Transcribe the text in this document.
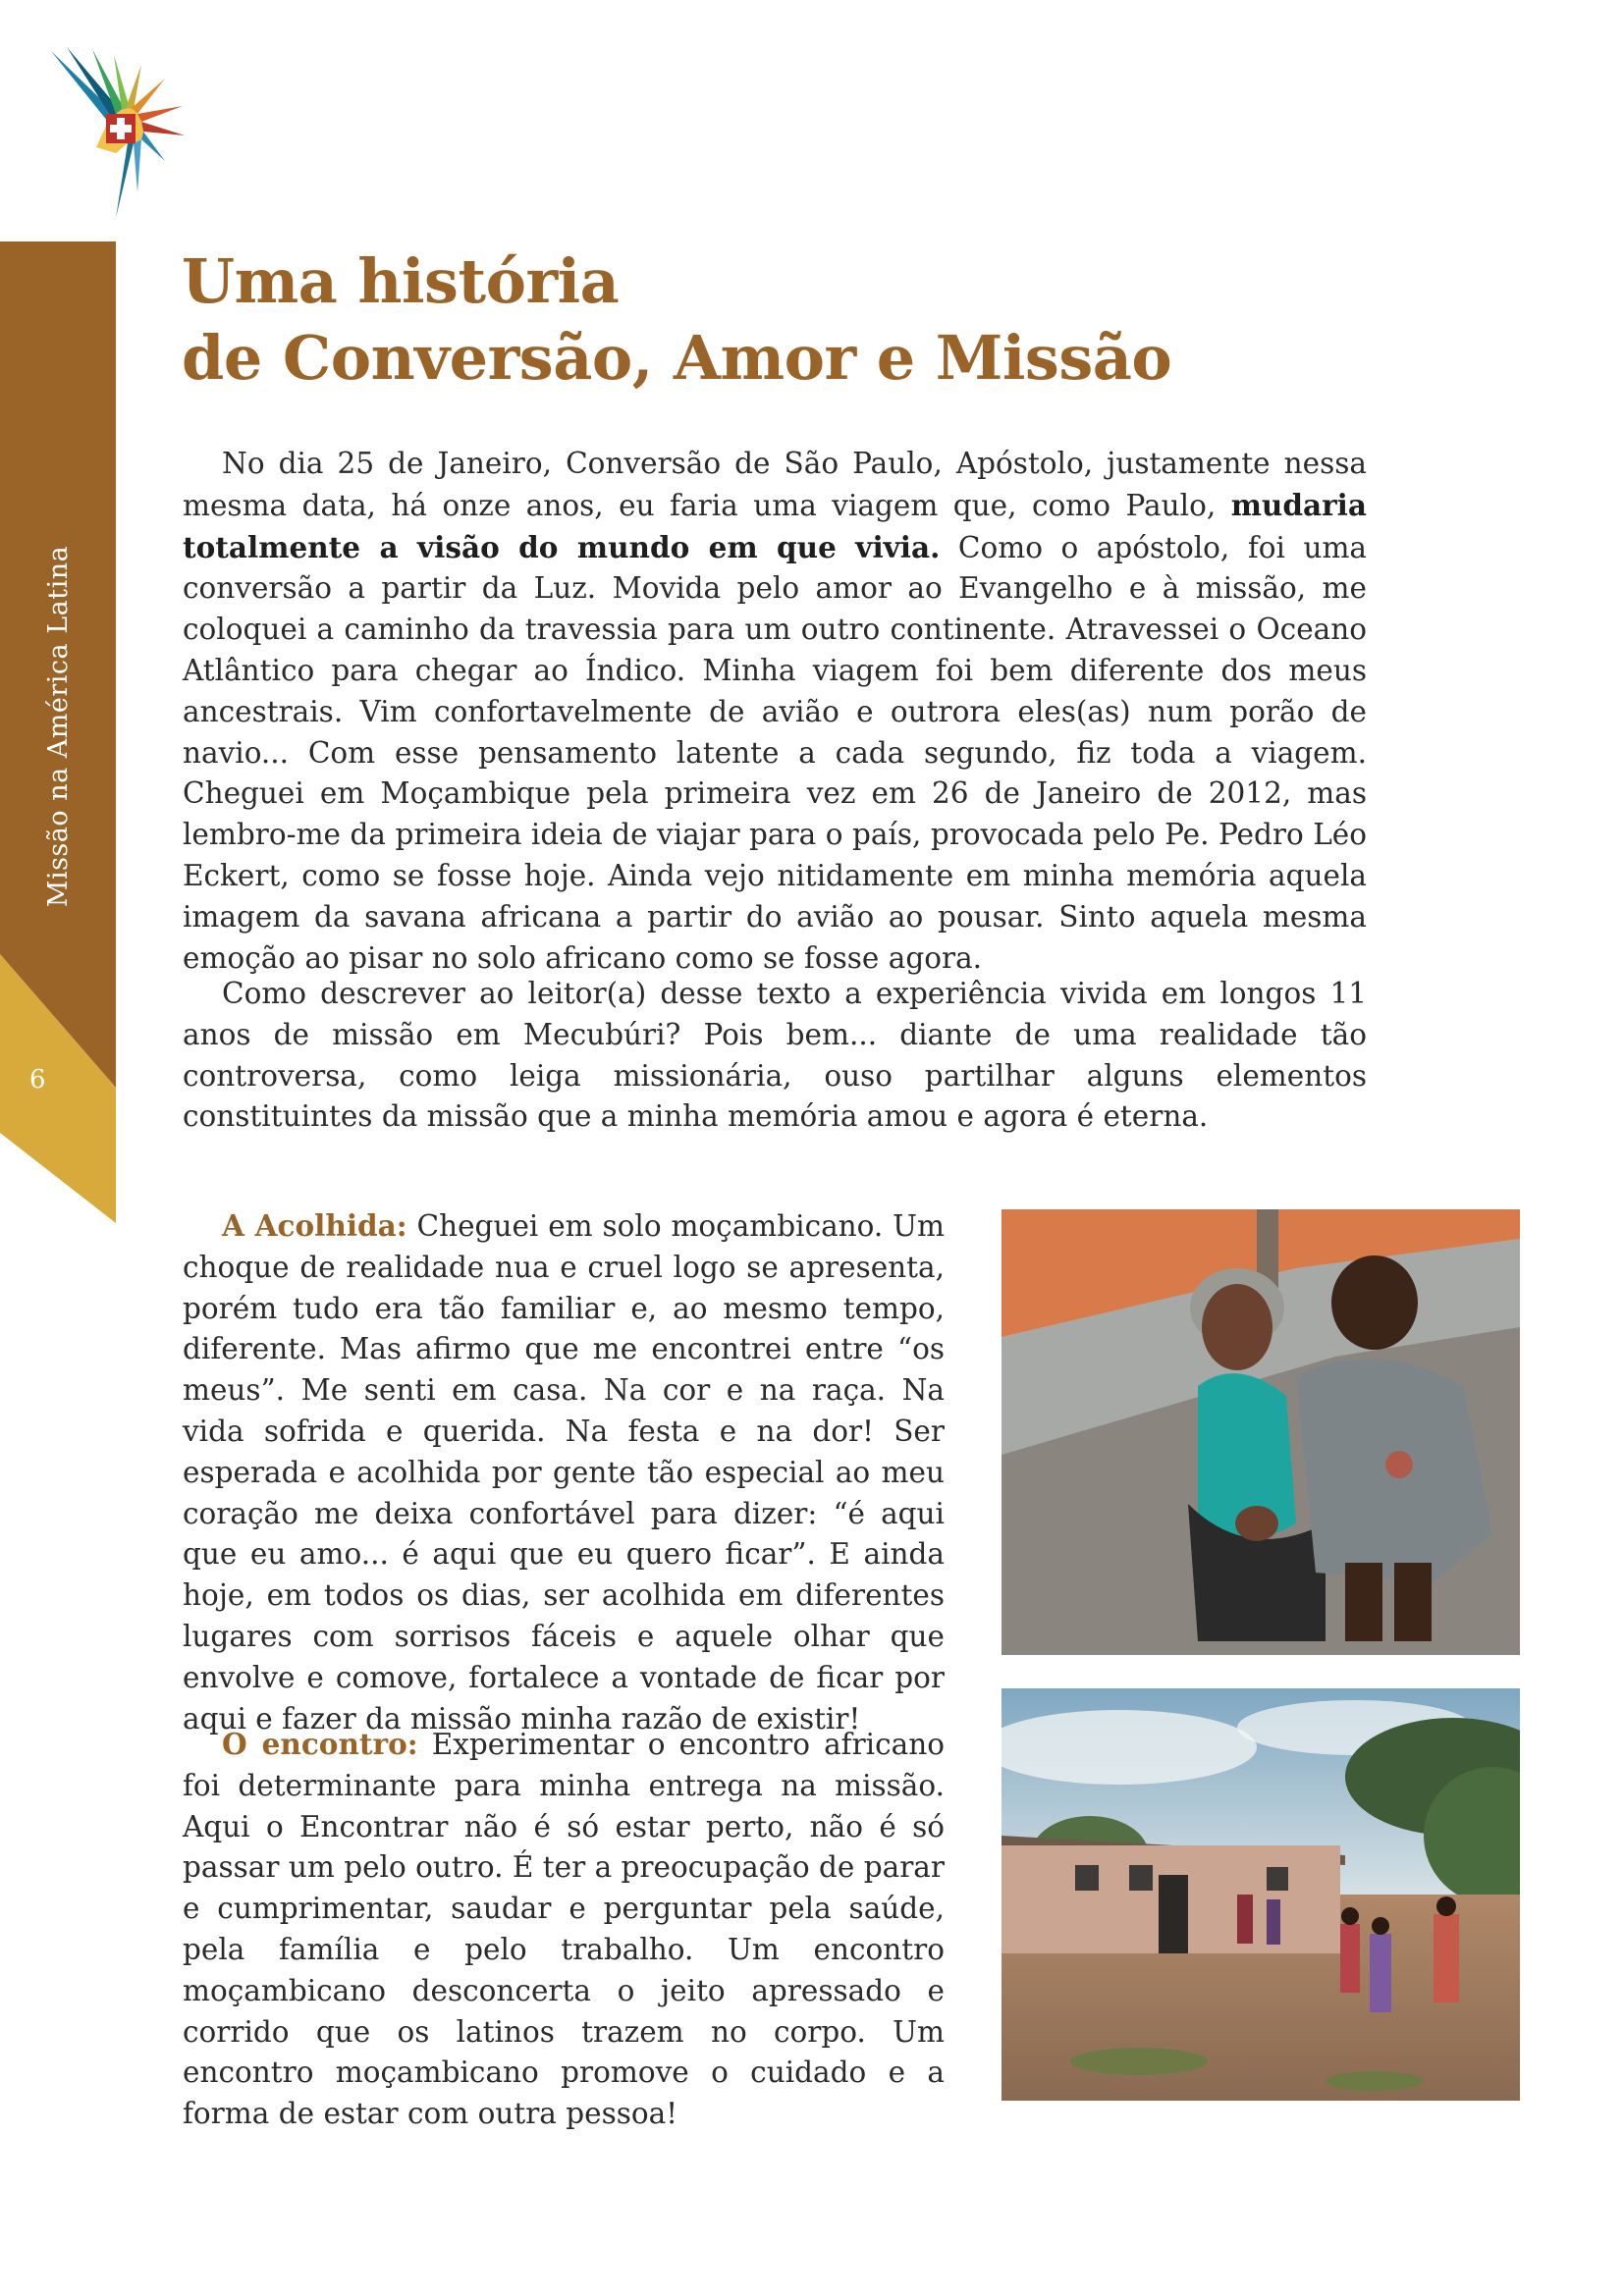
Missão na América Latina
6
Uma história
de Conversão, Amor e Missão

No dia 25 de Janeiro, Conversão de São Paulo, Apóstolo, justamente nessa mesma data, há onze anos, eu faria uma viagem que, como Paulo, mudaria totalmente a visão do mundo em que vivia. Como o apóstolo, foi uma conversão a partir da Luz. Movida pelo amor ao Evangelho e à missão, me coloquei a caminho da travessia para um outro continente. Atravessei o Oceano Atlântico para chegar ao Índico. Minha viagem foi bem diferente dos meus ancestrais. Vim confortavelmente de avião e outrora eles(as) num porão de navio... Com esse pensamento latente a cada segundo, fiz toda a viagem. Cheguei em Moçambique pela primeira vez em 26 de Janeiro de 2012, mas lembro-me da primeira ideia de viajar para o país, provocada pelo Pe. Pedro Léo Eckert, como se fosse hoje. Ainda vejo nitidamente em minha memória aquela imagem da savana africana a partir do avião ao pousar. Sinto aquela mesma emoção ao pisar no solo africano como se fosse agora.

Como descrever ao leitor(a) desse texto a experiência vivida em longos 11 anos de missão em Mecubúri? Pois bem... diante de uma realidade tão controversa, como leiga missionária, ouso partilhar alguns elementos constituintes da missão que a minha memória amou e agora é eterna.

A Acolhida: Cheguei em solo moçambicano. Um choque de realidade nua e cruel logo se apresenta, porém tudo era tão familiar e, ao mesmo tempo, diferente. Mas afirmo que me encontrei entre “os meus”. Me senti em casa. Na cor e na raça. Na vida sofrida e querida. Na festa e na dor! Ser esperada e acolhida por gente tão especial ao meu coração me deixa confortável para dizer: “é aqui que eu amo... é aqui que eu quero ficar”. E ainda hoje, em todos os dias, ser acolhida em diferentes lugares com sorrisos fáceis e aquele olhar que envolve e comove, fortalece a vontade de ficar por aqui e fazer da missão minha razão de existir!

O encontro: Experimentar o encontro africano foi determinante para minha entrega na missão. Aqui o Encontrar não é só estar perto, não é só passar um pelo outro. É ter a preocupação de parar e cumprimentar, saudar e perguntar pela saúde, pela família e pelo trabalho. Um encontro moçambicano desconcerta o jeito apressado e corrido que os latinos trazem no corpo. Um encontro moçambicano promove o cuidado e a forma de estar com outra pessoa!
